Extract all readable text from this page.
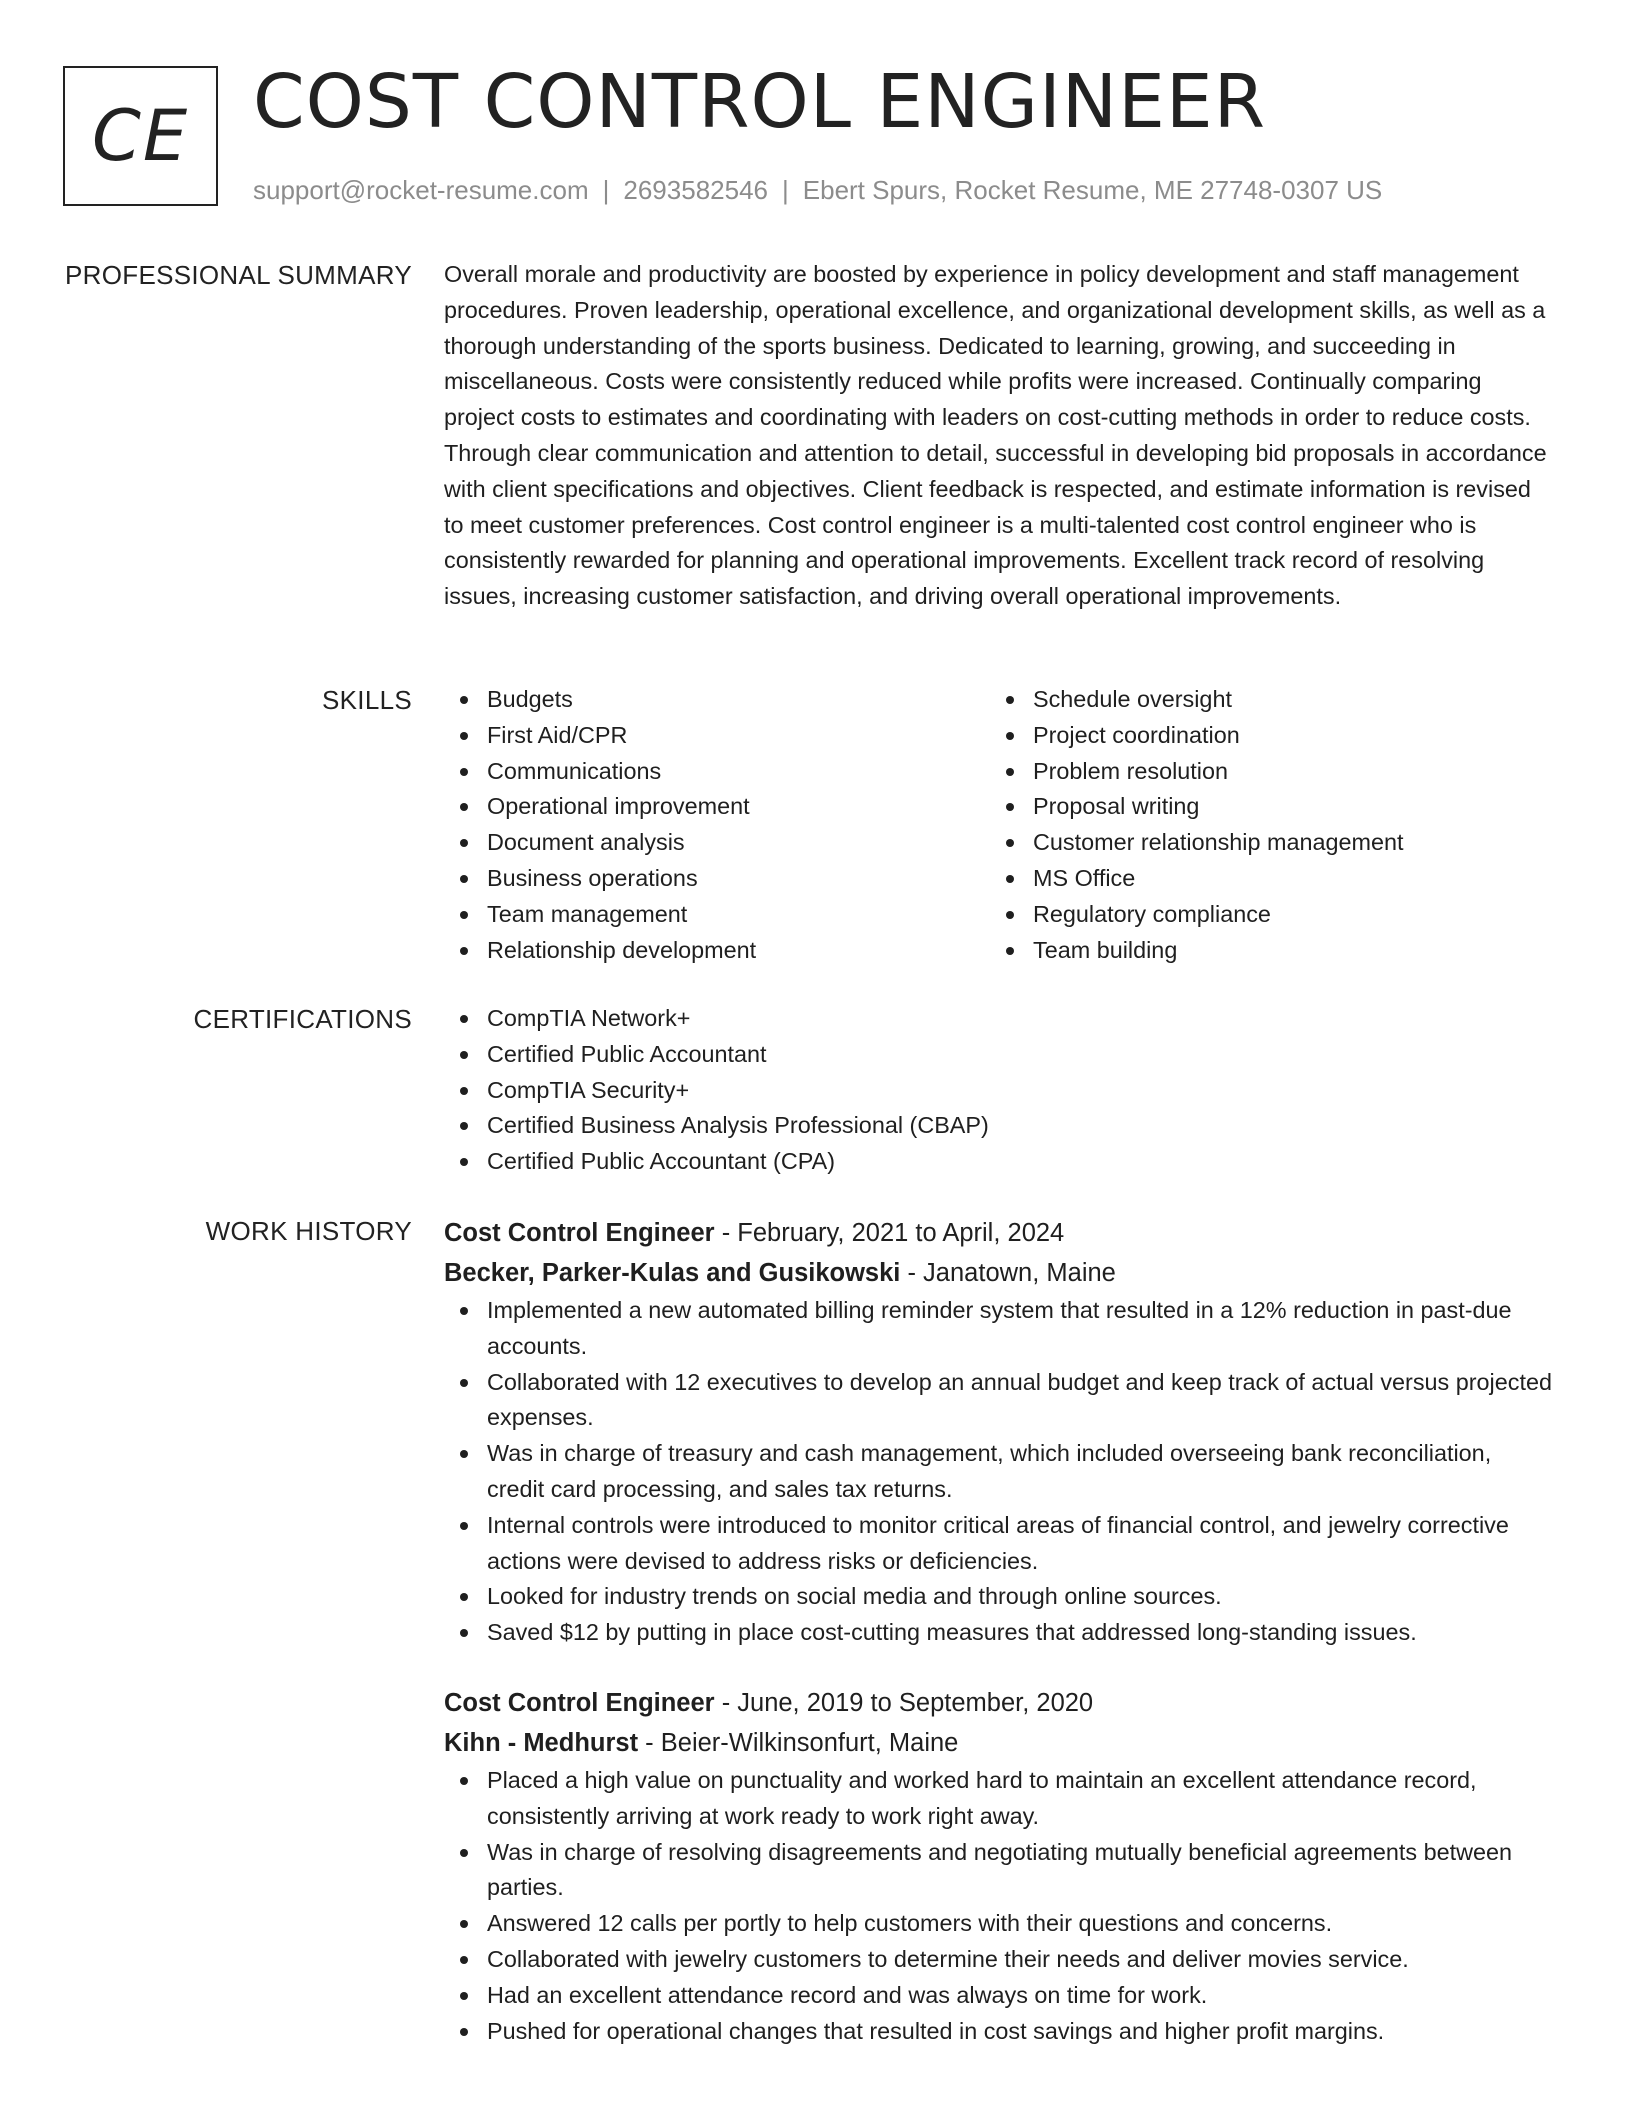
CE COST CONTROL ENGINEER
support@rocket-resume.com | 2693582546 | Ebert Spurs, Rocket Resume, ME 27748-0307 US
PROFESSIONAL SUMMARY Overall morale and productivity are boosted by experience in policy development and staff management procedures. Proven leadership, operational excellence, and organizational development skills, as well as a thorough understanding of the sports business. Dedicated to learning, growing, and succeeding in miscellaneous. Costs were consistently reduced while profits were increased. Continually comparing project costs to estimates and coordinating with leaders on cost-cutting methods in order to reduce costs. Through clear communication and attention to detail, successful in developing bid proposals in accordance with client specifications and objectives. Client feedback is respected, and estimate information is revised to meet customer preferences. Cost control engineer is a multi-talented cost control engineer who is consistently rewarded for planning and operational improvements. Excellent track record of resolving issues, increasing customer satisfaction, and driving overall operational improvements.

SKILLS	Budgets
First Aid/CPR
Communications
Operational improvement
Document analysis
Business operations
Team management
Relationship development
Schedule oversight
Project coordination
Problem resolution
Proposal writing
Customer relationship management
MS Office
Regulatory compliance
Team building
CERTIFICATIONS	CompTIA Network+
Certified Public Accountant
CompTIA Security+
Certified Business Analysis Professional (CBAP)
Certified Public Accountant (CPA)
WORK HISTORY Cost Control Engineer - February, 2021 to April, 2024
Becker, Parker-Kulas and Gusikowski - Janatown, Maine
Implemented a new automated billing reminder system that resulted in a 12% reduction in past-due accounts.
Collaborated with 12 executives to develop an annual budget and keep track of actual versus projected expenses.
Was in charge of treasury and cash management, which included overseeing bank reconciliation, credit card processing, and sales tax returns.
Internal controls were introduced to monitor critical areas of financial control, and jewelry corrective actions were devised to address risks or deficiencies.
Looked for industry trends on social media and through online sources.
Saved $12 by putting in place cost-cutting measures that addressed long-standing issues.
Cost Control Engineer - June, 2019 to September, 2020
Kihn - Medhurst - Beier-Wilkinsonfurt, Maine
Placed a high value on punctuality and worked hard to maintain an excellent attendance record, consistently arriving at work ready to work right away.
Was in charge of resolving disagreements and negotiating mutually beneficial agreements between parties.
Answered 12 calls per portly to help customers with their questions and concerns.
Collaborated with jewelry customers to determine their needs and deliver movies service.
Had an excellent attendance record and was always on time for work.
Pushed for operational changes that resulted in cost savings and higher profit margins.
